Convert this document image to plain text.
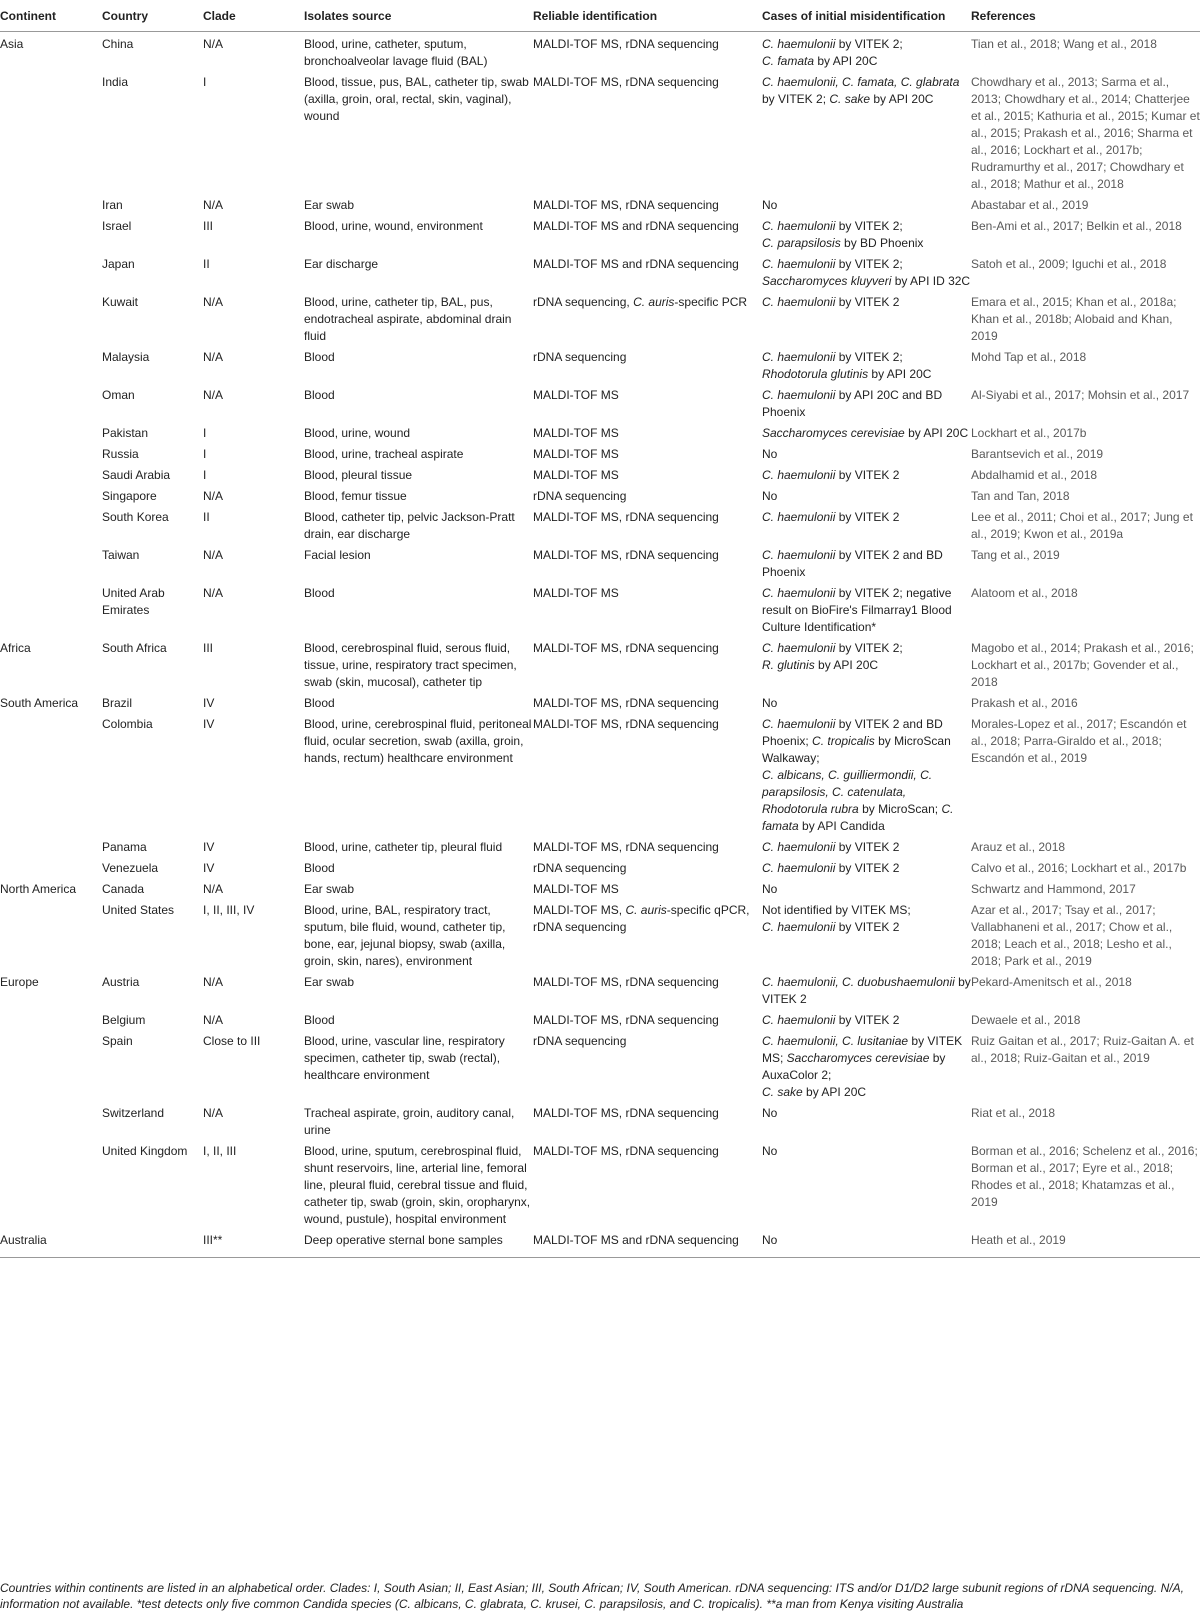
Continent	Country	Clade	Isolates source	Reliable identification	Cases of initial misidentification	References

Asia	China	N/A	Blood, urine, catheter, sputum, bronchoalveolar lavage fluid (BAL)	MALDI-TOF MS, rDNA sequencing	C. haemulonii by VITEK 2;
C. famata by API 20C	Tian et al., 2018; Wang et al., 2018

	India	I	Blood, tissue, pus, BAL, catheter tip, swab (axilla, groin, oral, rectal, skin, vaginal), wound	MALDI-TOF MS, rDNA sequencing	C. haemulonii, C. famata, C. glabrata by VITEK 2; C. sake by API 20C	Chowdhary et al., 2013; Sarma et al., 2013; Chowdhary et al., 2014; Chatterjee et al., 2015; Kathuria et al., 2015; Kumar et al., 2015; Prakash et al., 2016; Sharma et al., 2016; Lockhart et al., 2017b; Rudramurthy et al., 2017; Chowdhary et al., 2018; Mathur et al., 2018

	Iran	N/A	Ear swab	MALDI-TOF MS, rDNA sequencing	No	Abastabar et al., 2019

	Israel	III	Blood, urine, wound, environment	MALDI-TOF MS and rDNA sequencing	C. haemulonii by VITEK 2;
C. parapsilosis by BD Phoenix	Ben-Ami et al., 2017; Belkin et al., 2018

	Japan	II	Ear discharge	MALDI-TOF MS and rDNA sequencing	C. haemulonii by VITEK 2;
Saccharomyces kluyveri by API ID 32C	Satoh et al., 2009; Iguchi et al., 2018

	Kuwait	N/A	Blood, urine, catheter tip, BAL, pus, endotracheal aspirate, abdominal drain fluid	rDNA sequencing, C. auris-specific PCR	C. haemulonii by VITEK 2	Emara et al., 2015; Khan et al., 2018a; Khan et al., 2018b; Alobaid and Khan, 2019

	Malaysia	N/A	Blood	rDNA sequencing	C. haemulonii by VITEK 2;
Rhodotorula glutinis by API 20C	Mohd Tap et al., 2018

	Oman	N/A	Blood	MALDI-TOF MS	C. haemulonii by API 20C and BD Phoenix	Al-Siyabi et al., 2017; Mohsin et al., 2017

	Pakistan	I	Blood, urine, wound	MALDI-TOF MS	Saccharomyces cerevisiae by API 20C	Lockhart et al., 2017b

	Russia	I	Blood, urine, tracheal aspirate	MALDI-TOF MS	No	Barantsevich et al., 2019

	Saudi Arabia	I	Blood, pleural tissue	MALDI-TOF MS	C. haemulonii by VITEK 2	Abdalhamid et al., 2018

	Singapore	N/A	Blood, femur tissue	rDNA sequencing	No	Tan and Tan, 2018

	South Korea	II	Blood, catheter tip, pelvic Jackson-Pratt drain, ear discharge	MALDI-TOF MS, rDNA sequencing	C. haemulonii by VITEK 2	Lee et al., 2011; Choi et al., 2017; Jung et al., 2019; Kwon et al., 2019a

	Taiwan	N/A	Facial lesion	MALDI-TOF MS, rDNA sequencing	C. haemulonii by VITEK 2 and BD Phoenix	Tang et al., 2019

	United Arab Emirates	N/A	Blood	MALDI-TOF MS	C. haemulonii by VITEK 2; negative result on BioFire's Filmarray1 Blood Culture Identification*	Alatoom et al., 2018

Africa	South Africa	III	Blood, cerebrospinal fluid, serous fluid, tissue, urine, respiratory tract specimen, swab (skin, mucosal), catheter tip	MALDI-TOF MS, rDNA sequencing	C. haemulonii by VITEK 2;
R. glutinis by API 20C	Magobo et al., 2014; Prakash et al., 2016; Lockhart et al., 2017b; Govender et al., 2018

South America	Brazil	IV	Blood	MALDI-TOF MS, rDNA sequencing	No	Prakash et al., 2016

	Colombia	IV	Blood, urine, cerebrospinal fluid, peritoneal fluid, ocular secretion, swab (axilla, groin, hands, rectum) healthcare environment	MALDI-TOF MS, rDNA sequencing	C. haemulonii by VITEK 2 and BD Phoenix; C. tropicalis by MicroScan Walkaway;
C. albicans, C. guilliermondii, C. parapsilosis, C. catenulata, Rhodotorula rubra by MicroScan; C. famata by API Candida	Morales-Lopez et al., 2017; Escandón et al., 2018; Parra-Giraldo et al., 2018; Escandón et al., 2019

	Panama	IV	Blood, urine, catheter tip, pleural fluid	MALDI-TOF MS, rDNA sequencing	C. haemulonii by VITEK 2	Arauz et al., 2018

	Venezuela	IV	Blood	rDNA sequencing	C. haemulonii by VITEK 2	Calvo et al., 2016; Lockhart et al., 2017b

North America	Canada	N/A	Ear swab	MALDI-TOF MS	No	Schwartz and Hammond, 2017

	United States	I, II, III, IV	Blood, urine, BAL, respiratory tract, sputum, bile fluid, wound, catheter tip, bone, ear, jejunal biopsy, swab (axilla, groin, skin, nares), environment	MALDI-TOF MS, C. auris-specific qPCR, rDNA sequencing	Not identified by VITEK MS;
C. haemulonii by VITEK 2	Azar et al., 2017; Tsay et al., 2017; Vallabhaneni et al., 2017; Chow et al., 2018; Leach et al., 2018; Lesho et al., 2018; Park et al., 2019

Europe	Austria	N/A	Ear swab	MALDI-TOF MS, rDNA sequencing	C. haemulonii, C. duobushaemulonii by VITEK 2	Pekard-Amenitsch et al., 2018

	Belgium	N/A	Blood	MALDI-TOF MS, rDNA sequencing	C. haemulonii by VITEK 2	Dewaele et al., 2018

	Spain	Close to III	Blood, urine, vascular line, respiratory specimen, catheter tip, swab (rectal), healthcare environment	rDNA sequencing	C. haemulonii, C. lusitaniae by VITEK MS; Saccharomyces cerevisiae by AuxaColor 2;
C. sake by API 20C	Ruiz Gaitan et al., 2017; Ruiz-Gaitan A. et al., 2018; Ruiz-Gaitan et al., 2019

	Switzerland	N/A	Tracheal aspirate, groin, auditory canal, urine	MALDI-TOF MS, rDNA sequencing	No	Riat et al., 2018

	United Kingdom	I, II, III	Blood, urine, sputum, cerebrospinal fluid, shunt reservoirs, line, arterial line, femoral line, pleural fluid, cerebral tissue and fluid, catheter tip, swab (groin, skin, oropharynx, wound, pustule), hospital environment	MALDI-TOF MS, rDNA sequencing	No	Borman et al., 2016; Schelenz et al., 2016; Borman et al., 2017; Eyre et al., 2018; Rhodes et al., 2018; Khatamzas et al., 2019

Australia		III**	Deep operative sternal bone samples	MALDI-TOF MS and rDNA sequencing	No	Heath et al., 2019
Countries within continents are listed in an alphabetical order. Clades: I, South Asian; II, East Asian; III, South African; IV, South American. rDNA sequencing: ITS and/or D1/D2 large subunit regions of rDNA sequencing. N/A, information not available. *test detects only five common Candida species (C. albicans, C. glabrata, C. krusei, C. parapsilosis, and C. tropicalis). **a man from Kenya visiting Australia
